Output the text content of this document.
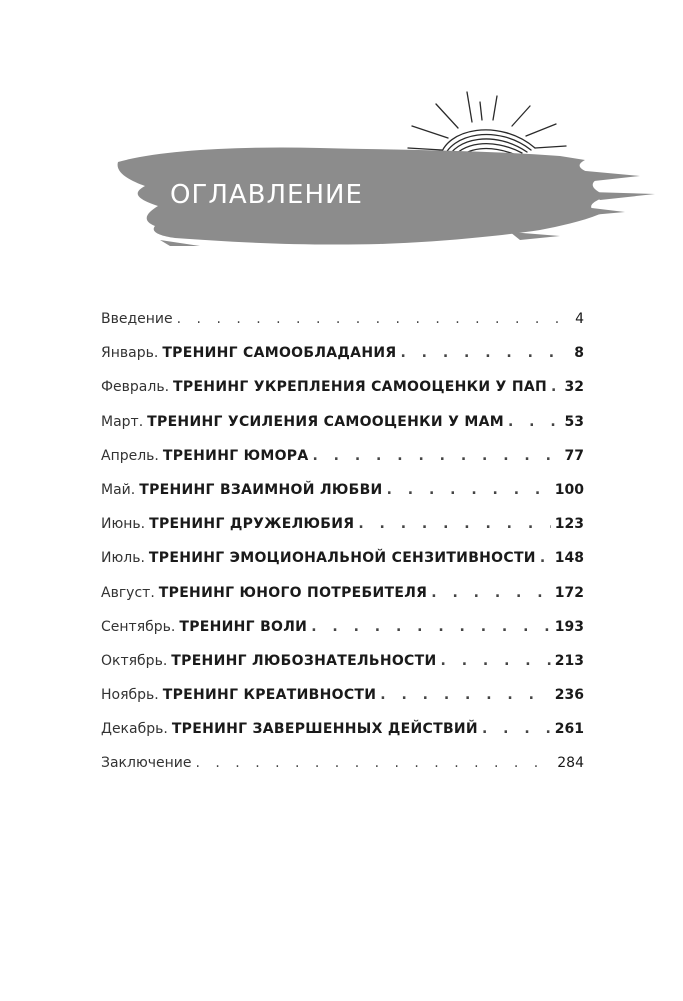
ОГЛАВЛЕНИЕ
Введение . . .	4
Январь. ТРЕНИНГ САМООБЛАДАНИЯ . . .	8
Февраль. ТРЕНИНГ УКРЕПЛЕНИЯ САМООЦЕНКИ У ПАП . . . 32
Март. ТРЕНИНГ УСИЛЕНИЯ САМООЦЕНКИ У МАМ . . .	53
Апрель. ТРЕНИНГ ЮМОРА . . .	77
Май. ТРЕНИНГ ВЗАИМНОЙ ЛЮБВИ . . .	100
Июнь. ТРЕНИНГ ДРУЖЕЛЮБИЯ . . .	123
Июль. ТРЕНИНГ ЭМОЦИОНАЛЬНОЙ СЕНЗИТИВНОСТИ . . . 148
Август. ТРЕНИНГ ЮНОГО ПОТРЕБИТЕЛЯ . . .	172
Сентябрь. ТРЕНИНГ ВОЛИ . . .	193
Октябрь. ТРЕНИНГ ЛЮБОЗНАТЕЛЬНОСТИ . . .	213
Ноябрь. ТРЕНИНГ КРЕАТИВНОСТИ . . .	236
Декабрь. ТРЕНИНГ ЗАВЕРШЕННЫХ ДЕЙСТВИЙ . . .	261
Заключение . . .	284
